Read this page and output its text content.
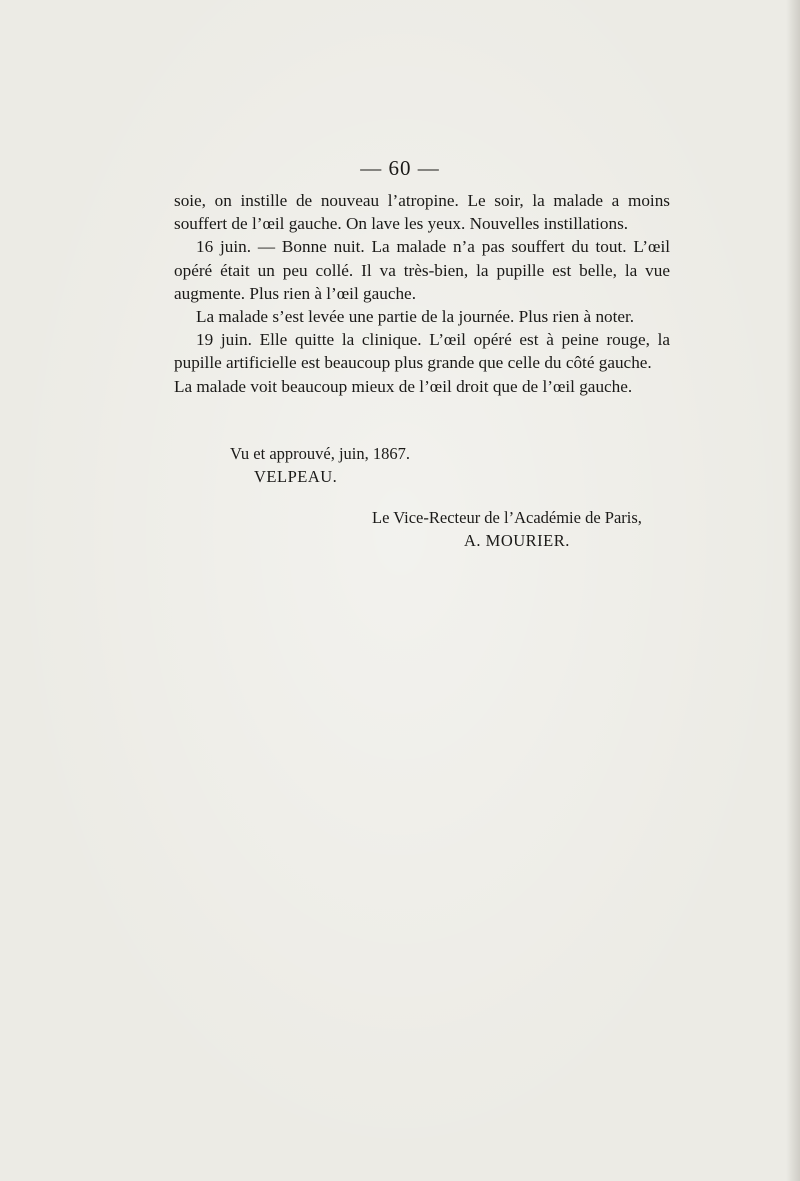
— 60 —
soie, on instille de nouveau l’atropine. Le soir, la malade a moins
souffert de l’œil gauche. On lave les yeux. Nouvelles instillations.
16 juin. — Bonne nuit. La malade n’a pas souffert du tout. L’œil
opéré était un peu collé. Il va très-bien, la pupille est belle, la vue
augmente. Plus rien à l’œil gauche.
La malade s’est levée une partie de la journée. Plus rien à noter.
19 juin. Elle quitte la clinique. L’œil opéré est à peine rouge, la
pupille artificielle est beaucoup plus grande que celle du côté gauche.
La malade voit beaucoup mieux de l’œil droit que de l’œil gauche.
Vu et approuvé, juin, 1867.
VELPEAU.
Le Vice-Recteur de l’Académie de Paris,
A. MOURIER.
